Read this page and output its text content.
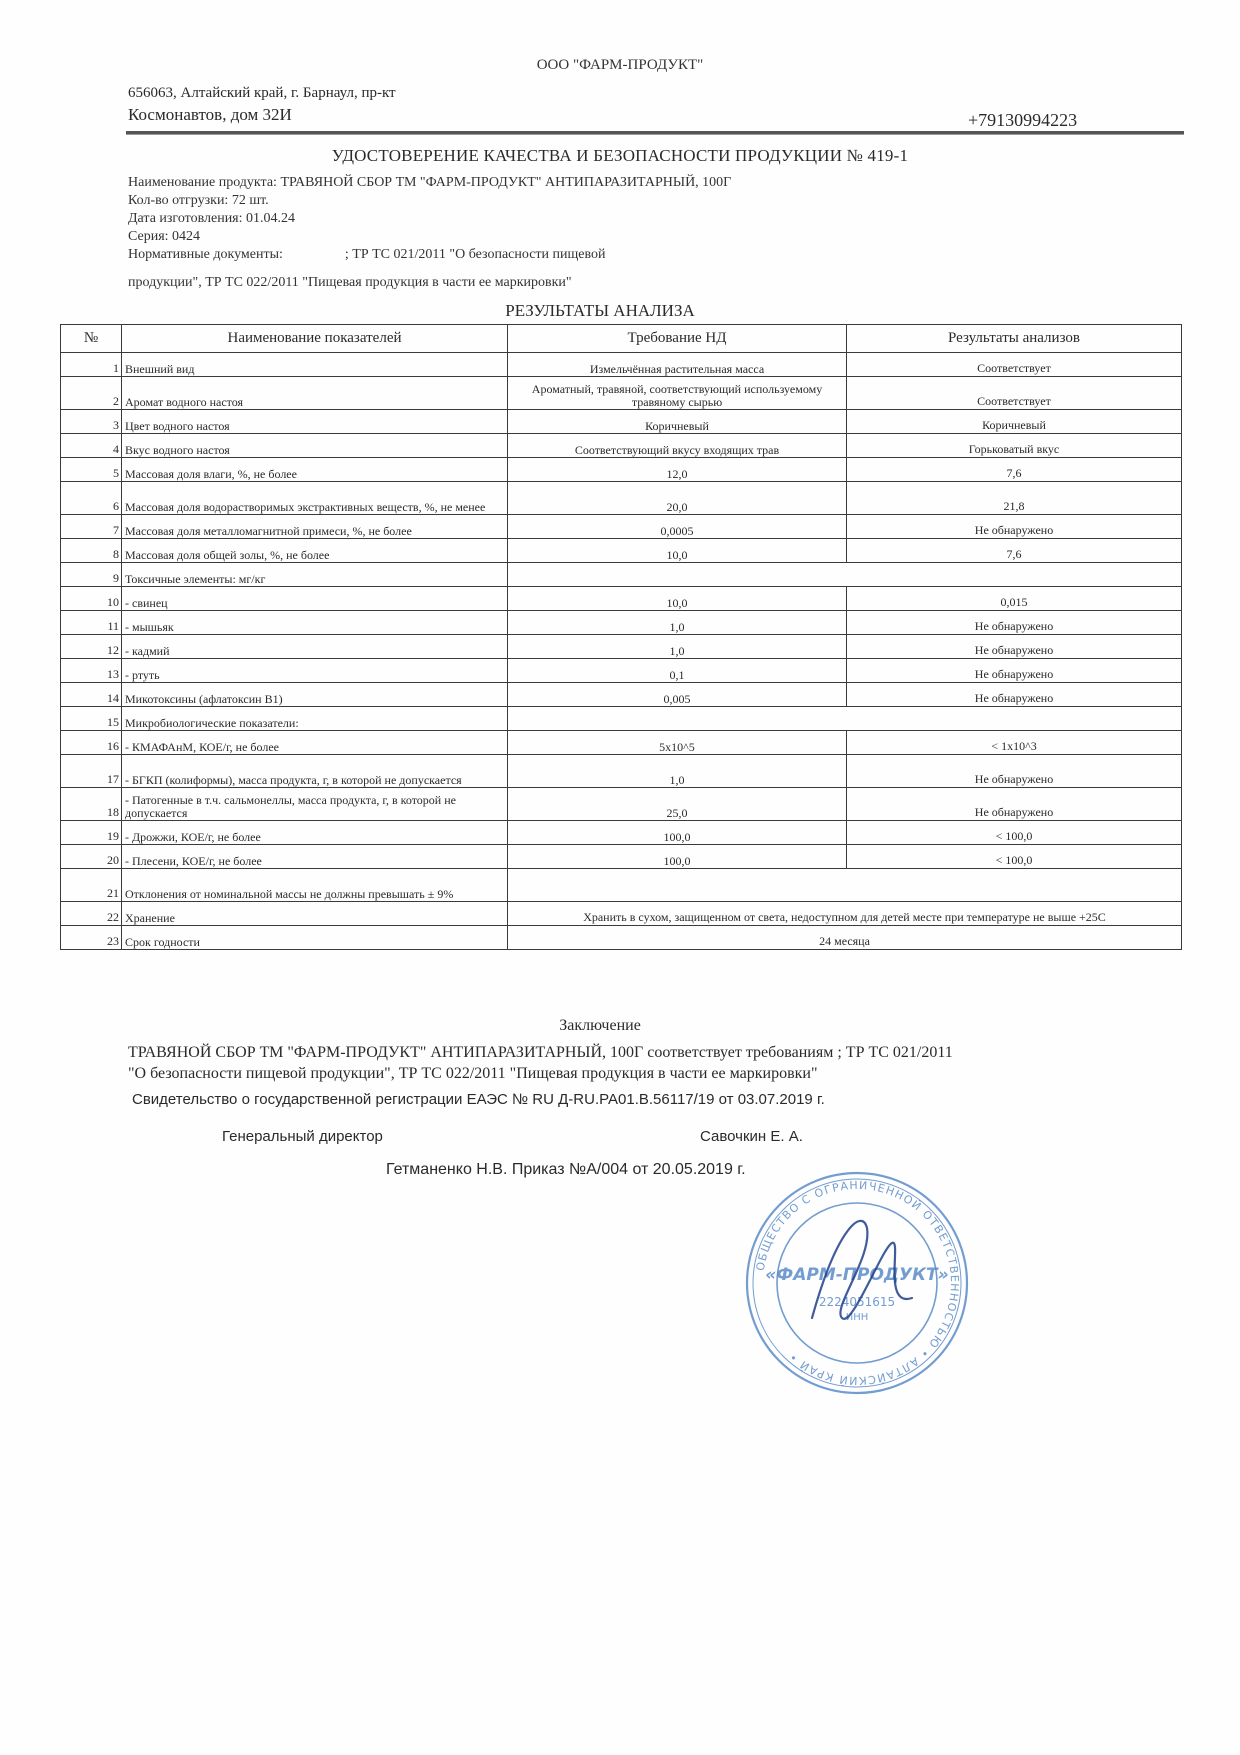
ООО "ФАРМ-ПРОДУКТ"
656063, Алтайский край, г. Барнаул, пр-кт
Космонавтов, дом 32И	+79130994223
УДОСТОВЕРЕНИЕ КАЧЕСТВА И БЕЗОПАСНОСТИ ПРОДУКЦИИ № 419-1
Наименование продукта: ТРАВЯНОЙ СБОР ТМ "ФАРМ-ПРОДУКТ" АНТИПАРАЗИТАРНЫЙ, 100Г
Кол-во отгрузки: 72 шт.
Дата изготовления: 01.04.24
Серия: 0424
Нормативные документы:	; ТР ТС 021/2011 "О безопасности пищевой
продукции", ТР ТС 022/2011 "Пищевая продукция в части ее маркировки"
РЕЗУЛЬТАТЫ АНАЛИЗА
№	Наименование показателей	Требование НД	Результаты анализов
1	Внешний вид	Измельчённая растительная масса	Соответствует
2	Аромат водного настоя	Ароматный, травяной, соответствующий используемому травяному сырью	Соответствует
3	Цвет водного настоя	Коричневый	Коричневый
4	Вкус водного настоя	Соответствующий вкусу входящих трав	Горьковатый вкус
5	Массовая доля влаги, %, не более	12,0	7,6
6	Массовая доля водорастворимых экстрактивных веществ, %, не менее	20,0	21,8
7	Массовая доля металломагнитной примеси, %, не более	0,0005	Не обнаружено
8	Массовая доля общей золы, %, не более	10,0	7,6
9	Токсичные элементы: мг/кг		
10	- свинец	10,0	0,015
11	- мышьяк	1,0	Не обнаружено
12	- кадмий	1,0	Не обнаружено
13	- ртуть	0,1	Не обнаружено
14	Микотоксины (афлатоксин В1)	0,005	Не обнаружено
15	Микробиологические показатели:		
16	- КМАФАнМ, КОЕ/г, не более	5x10^5	< 1x10^3
17	- БГКП (колиформы), масса продукта, г, в которой не допускается	1,0	Не обнаружено
18	- Патогенные в т.ч. сальмонеллы, масса продукта, г, в которой не допускается	25,0	Не обнаружено
19	- Дрожжи, КОЕ/г, не более	100,0	< 100,0
20	- Плесени, КОЕ/г, не более	100,0	< 100,0
21	Отклонения от номинальной массы не должны превышать ± 9%		
22	Хранение	Хранить в сухом, защищенном от света, недоступном для детей месте при температуре не выше +25С	
23	Срок годности	24 месяца	
Заключение
ТРАВЯНОЙ СБОР ТМ "ФАРМ-ПРОДУКТ" АНТИПАРАЗИТАРНЫЙ, 100Г соответствует требованиям ; ТР ТС 021/2011
"О безопасности пищевой продукции", ТР ТС 022/2011 "Пищевая продукция в части ее маркировки"
Свидетельство о государственной регистрации ЕАЭС № RU Д-RU.PA01.В.56117/19 от 03.07.2019 г.
Генеральный директор	Савочкин Е. А.
Гетманенко Н.В. Приказ №А/004 от 20.05.2019 г.
ОБЩЕСТВО С ОГРАНИЧЕННОЙ ОТВЕТСТВЕННОСТЬЮ • АЛТАЙСКИЙ КРАЙ •
«ФАРМ-ПРОДУКТ»
2224051615
ИНН
